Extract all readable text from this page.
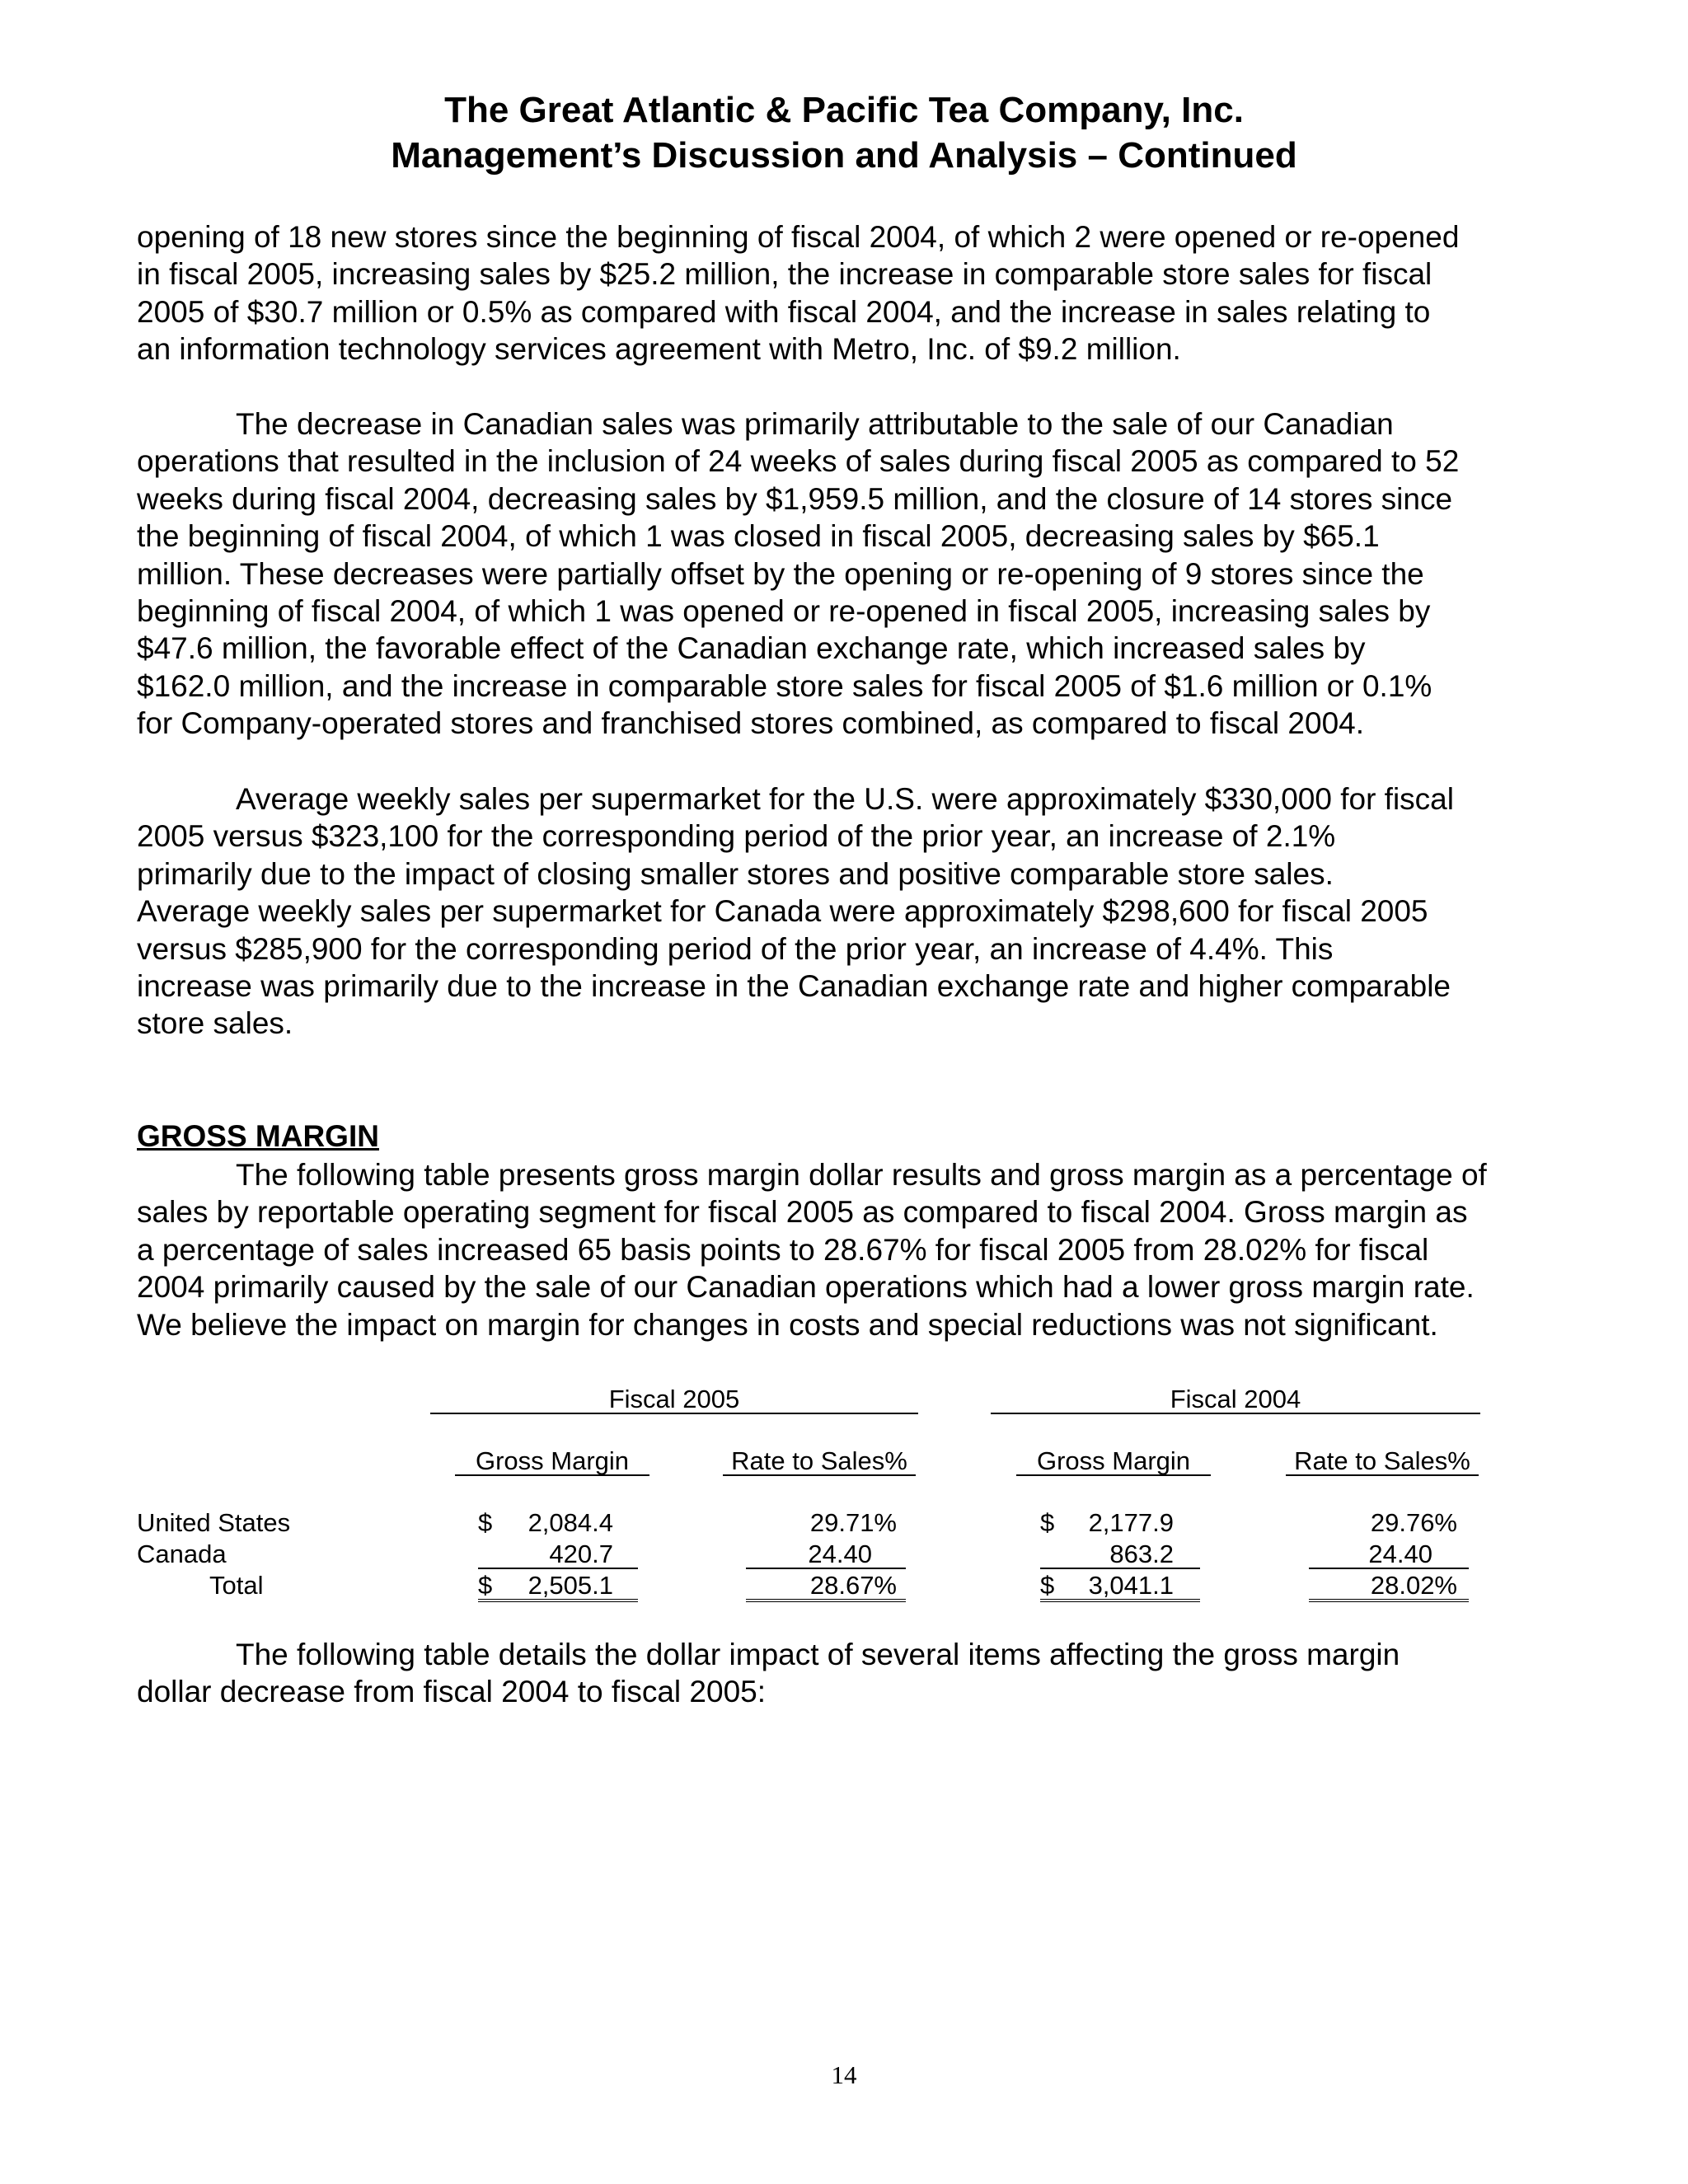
The Great Atlantic & Pacific Tea Company, Inc.
Management’s Discussion and Analysis – Continued
opening of 18 new stores since the beginning of fiscal 2004, of which 2 were opened or re-opened
in fiscal 2005, increasing sales by $25.2 million, the increase in comparable store sales for fiscal
2005 of $30.7 million or 0.5% as compared with fiscal 2004, and the increase in sales relating to
an information technology services agreement with Metro, Inc. of $9.2 million.
The decrease in Canadian sales was primarily attributable to the sale of our Canadian
operations that resulted in the inclusion of 24 weeks of sales during fiscal 2005 as compared to 52
weeks during fiscal 2004, decreasing sales by $1,959.5 million, and the closure of 14 stores since
the beginning of fiscal 2004, of which 1 was closed in fiscal 2005, decreasing sales by $65.1
million. These decreases were partially offset by the opening or re-opening of 9 stores since the
beginning of fiscal 2004, of which 1 was opened or re-opened in fiscal 2005, increasing sales by
$47.6 million, the favorable effect of the Canadian exchange rate, which increased sales by
$162.0 million, and the increase in comparable store sales for fiscal 2005 of $1.6 million or 0.1%
for Company-operated stores and franchised stores combined, as compared to fiscal 2004.
Average weekly sales per supermarket for the U.S. were approximately $330,000 for fiscal
2005 versus $323,100 for the corresponding period of the prior year, an increase of 2.1%
primarily due to the impact of closing smaller stores and positive comparable store sales.
Average weekly sales per supermarket for Canada were approximately $298,600 for fiscal 2005
versus $285,900 for the corresponding period of the prior year, an increase of 4.4%. This
increase was primarily due to the increase in the Canadian exchange rate and higher comparable
store sales.
GROSS MARGIN
The following table presents gross margin dollar results and gross margin as a percentage of
sales by reportable operating segment for fiscal 2005 as compared to fiscal 2004. Gross margin as
a percentage of sales increased 65 basis points to 28.67% for fiscal 2005 from 28.02% for fiscal
2004 primarily caused by the sale of our Canadian operations which had a lower gross margin rate.
We believe the impact on margin for changes in costs and special reductions was not significant.
Fiscal 2005	Fiscal 2004
Gross Margin	Rate to Sales%	Gross Margin	Rate to Sales%
United States	$	2,084.4	29.71%	$	2,177.9	29.76%
Canada	420.7	24.40	863.2	24.40
Total	$	2,505.1	28.67%	$	3,041.1	28.02%
The following table details the dollar impact of several items affecting the gross margin
dollar decrease from fiscal 2004 to fiscal 2005:
14
